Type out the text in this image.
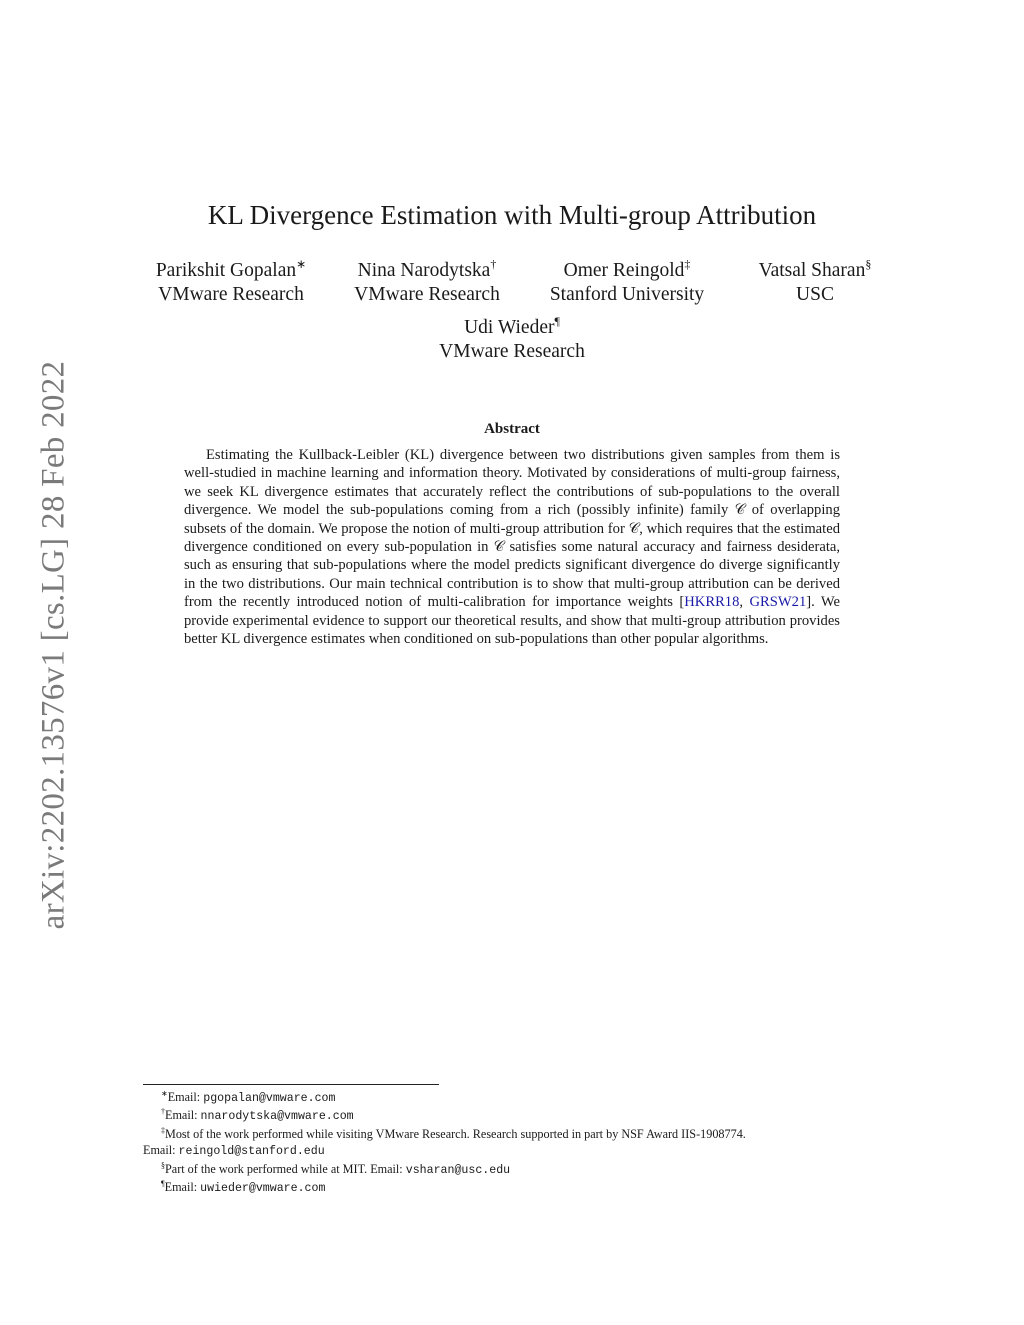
arXiv:2202.13576v1 [cs.LG] 28 Feb 2022
KL Divergence Estimation with Multi-group Attribution
Parikshit Gopalan∗
VMware Research
Nina Narodytska†
VMware Research
Omer Reingold‡
Stanford University
Vatsal Sharan§
USC
Udi Wieder¶
VMware Research
Abstract
Estimating the Kullback-Leibler (KL) divergence between two distributions given samples from them is well-studied in machine learning and information theory. Motivated by considerations of multi-group fairness, we seek KL divergence estimates that accurately reflect the contributions of sub-populations to the overall divergence. We model the sub-populations coming from a rich (possibly infinite) family 𝒞 of overlapping subsets of the domain. We propose the notion of multi-group attribution for 𝒞, which requires that the estimated divergence conditioned on every sub-population in 𝒞 satisfies some natural accuracy and fairness desiderata, such as ensuring that sub-populations where the model predicts significant divergence do diverge significantly in the two distributions. Our main technical contribution is to show that multi-group attribution can be derived from the recently introduced notion of multi-calibration for importance weights [HKRR18, GRSW21]. We provide experimental evidence to support our theoretical results, and show that multi-group attribution provides better KL divergence estimates when conditioned on sub-populations than other popular algorithms.
∗Email: pgopalan@vmware.com
†Email: nnarodytska@vmware.com
‡Most of the work performed while visiting VMware Research. Research supported in part by NSF Award IIS-1908774.
Email: reingold@stanford.edu
§Part of the work performed while at MIT. Email: vsharan@usc.edu
¶Email: uwieder@vmware.com
